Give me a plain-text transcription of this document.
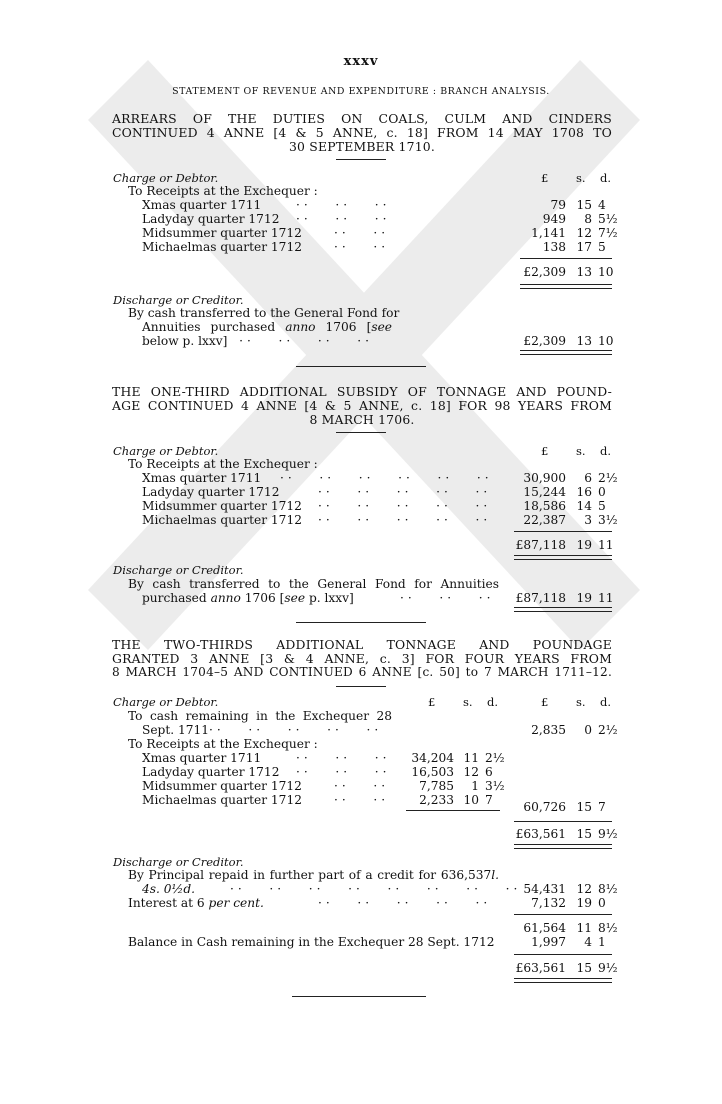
xxxv
STATEMENT OF REVENUE AND EXPENDITURE : BRANCH ANALYSIS.
ARREARS OF THE DUTIES ON COALS, CULM AND CINDERS
CONTINUED 4 ANNE [4 & 5 ANNE, c. 18] FROM 14 MAY 1708 TO
30 SEPTEMBER 1710.
Charge or Debtor.	£ s. d.
To Receipts at the Exchequer :
Xmas quarter 1711	··   ··   ··	79 15 4
Ladyday quarter 1712 ··   ··   ··	949	8 5½
Midsummer quarter 1712	··   ··	1,141 12 7½
Michaelmas quarter 1712	··   ··	138 17 5
£2,309 13 10
Discharge or Creditor.
By cash transferred to the General Fond for
Annuities purchased anno 1706 [see
below p. lxxv]  ··   ··   ··   ··	£2,309 13 10
THE ONE-THIRD ADDITIONAL SUBSIDY OF TONNAGE AND POUND-
AGE CONTINUED 4 ANNE [4 & 5 ANNE, c. 18] FOR 98 YEARS FROM
8 MARCH 1706.
Charge or Debtor.	£ s. d.
To Receipts at the Exchequer :
Xmas quarter 1711 ··   ··   ··   ··   ··   ··	30,900	6 2½
Ladyday quarter 1712	··   ··   ··   ··   ··	15,244 16 0
Midsummer quarter 1712 ··   ··   ··   ··   ··	18,586 14 5
Michaelmas quarter 1712 ··   ··   ··   ··   ··	22,387	3 3½
£87,118 19 11
Discharge or Creditor.
By cash transferred to the General Fond for Annuities
purchased anno 1706 [see p. lxxv]	··   ··   ··	£87,118 19 11
THE TWO-THIRDS ADDITIONAL TONNAGE AND POUNDAGE
GRANTED 3 ANNE [3 & 4 ANNE, c. 3] FOR FOUR YEARS FROM
8 MARCH 1704–5 AND CONTINUED 6 ANNE [c. 50] to 7 MARCH 1711–12.
Charge or Debtor.	£ s. d.	£ s. d.
To cash remaining in the Exchequer 28
Sept. 1711··   ··   ··   ··   ··	2,835	0 2½
To Receipts at the Exchequer :
Xmas quarter 1711	··   ··   ··	34,204 11 2½
Ladyday quarter 1712 ··   ··   ··	16,503 12 6
Midsummer quarter 1712	··   ··	7,785	1 3½
Michaelmas quarter 1712	··   ··	2,233 10 7	60,726 15 7
£63,561 15 9½
Discharge or Creditor.
By Principal repaid in further part of a credit for 636,537l.
4s. 0½d.	··   ··   ··   ··   ··   ··   ··   ·· 54,431 12 8½
Interest at 6 per cent.	··   ··   ··   ··   ··	7,132 19 0
61,564 11 8½
Balance in Cash remaining in the Exchequer 28 Sept. 1712	1,997	4 1
£63,561 15 9½
